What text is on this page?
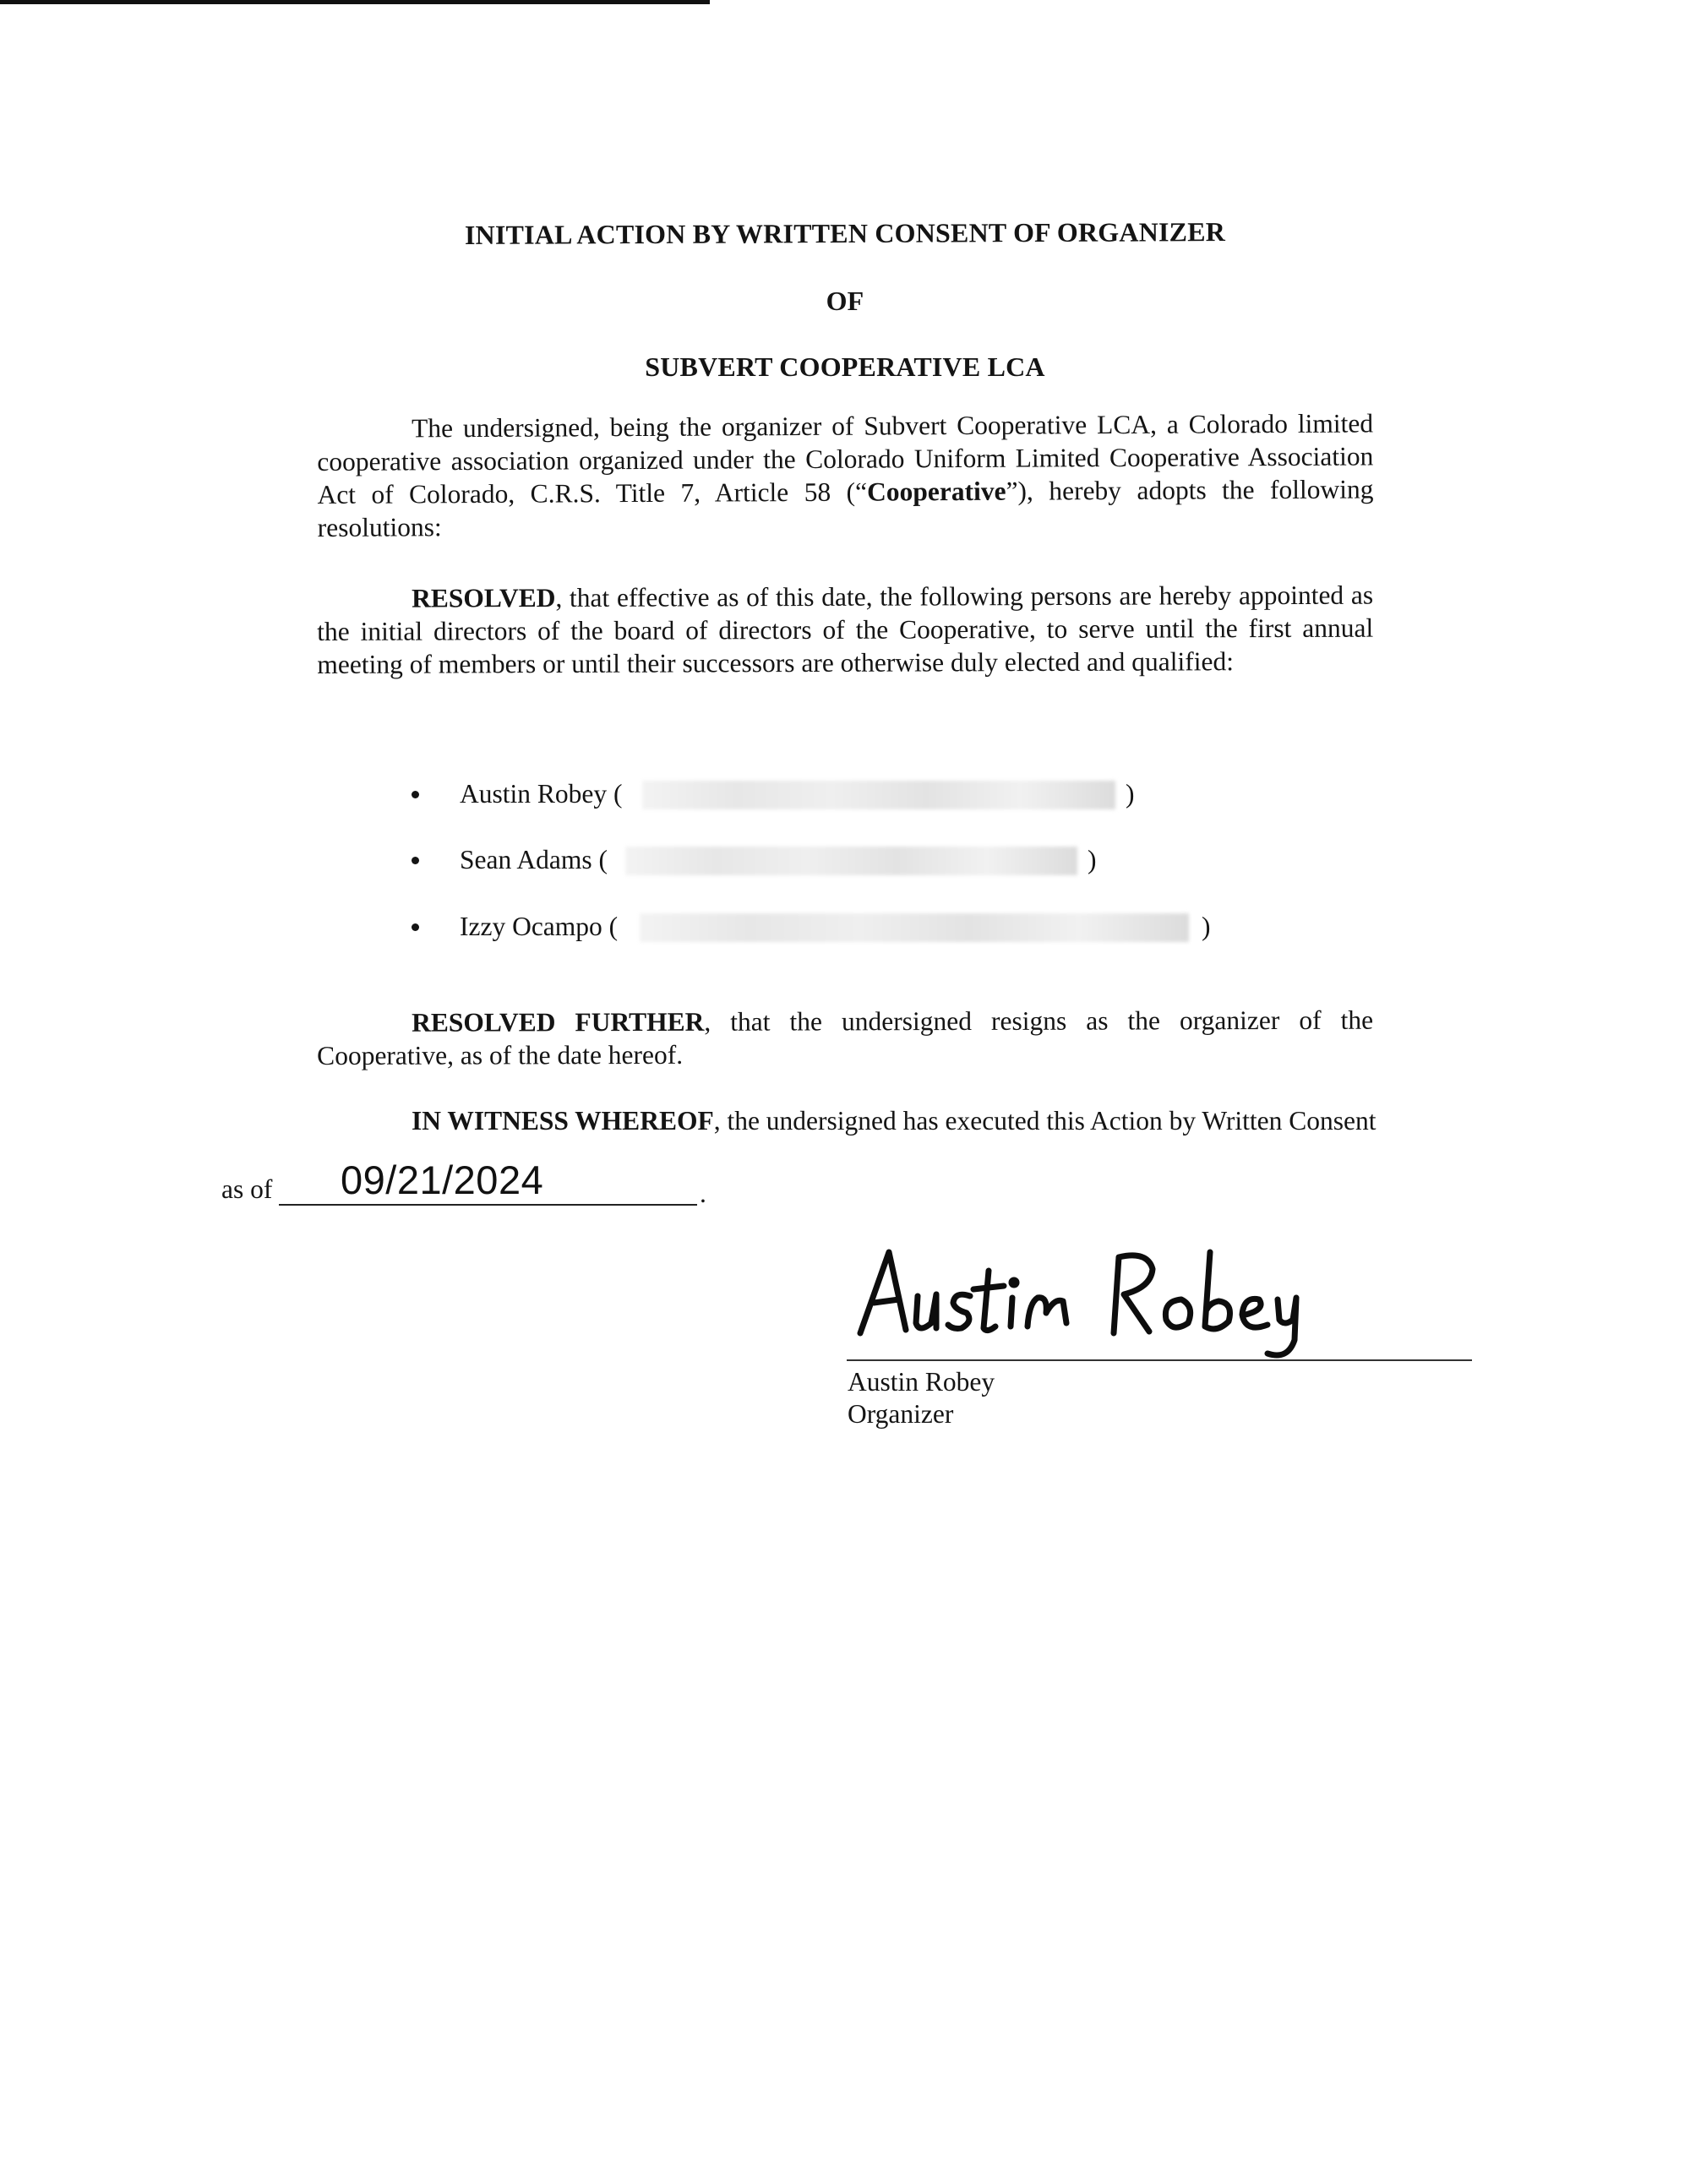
INITIAL ACTION BY WRITTEN CONSENT OF ORGANIZER
OF
SUBVERT COOPERATIVE LCA
The undersigned, being the organizer of Subvert Cooperative LCA, a Colorado limited cooperative association organized under the Colorado Uniform Limited Cooperative Association Act of Colorado, C.R.S. Title 7, Article 58 (“Cooperative”), hereby adopts the following resolutions:
RESOLVED, that effective as of this date, the following persons are hereby appointed as the initial directors of the board of directors of the Cooperative, to serve until the first annual meeting of members or until their successors are otherwise duly elected and qualified:
Austin Robey (	)
Sean Adams (	)
Izzy Ocampo (	)
RESOLVED FURTHER, that the undersigned resigns as the organizer of the Cooperative, as of the date hereof.
IN WITNESS WHEREOF, the undersigned has executed this Action by Written Consent
as of 09/21/2024	.
Austin Robey
Organizer
